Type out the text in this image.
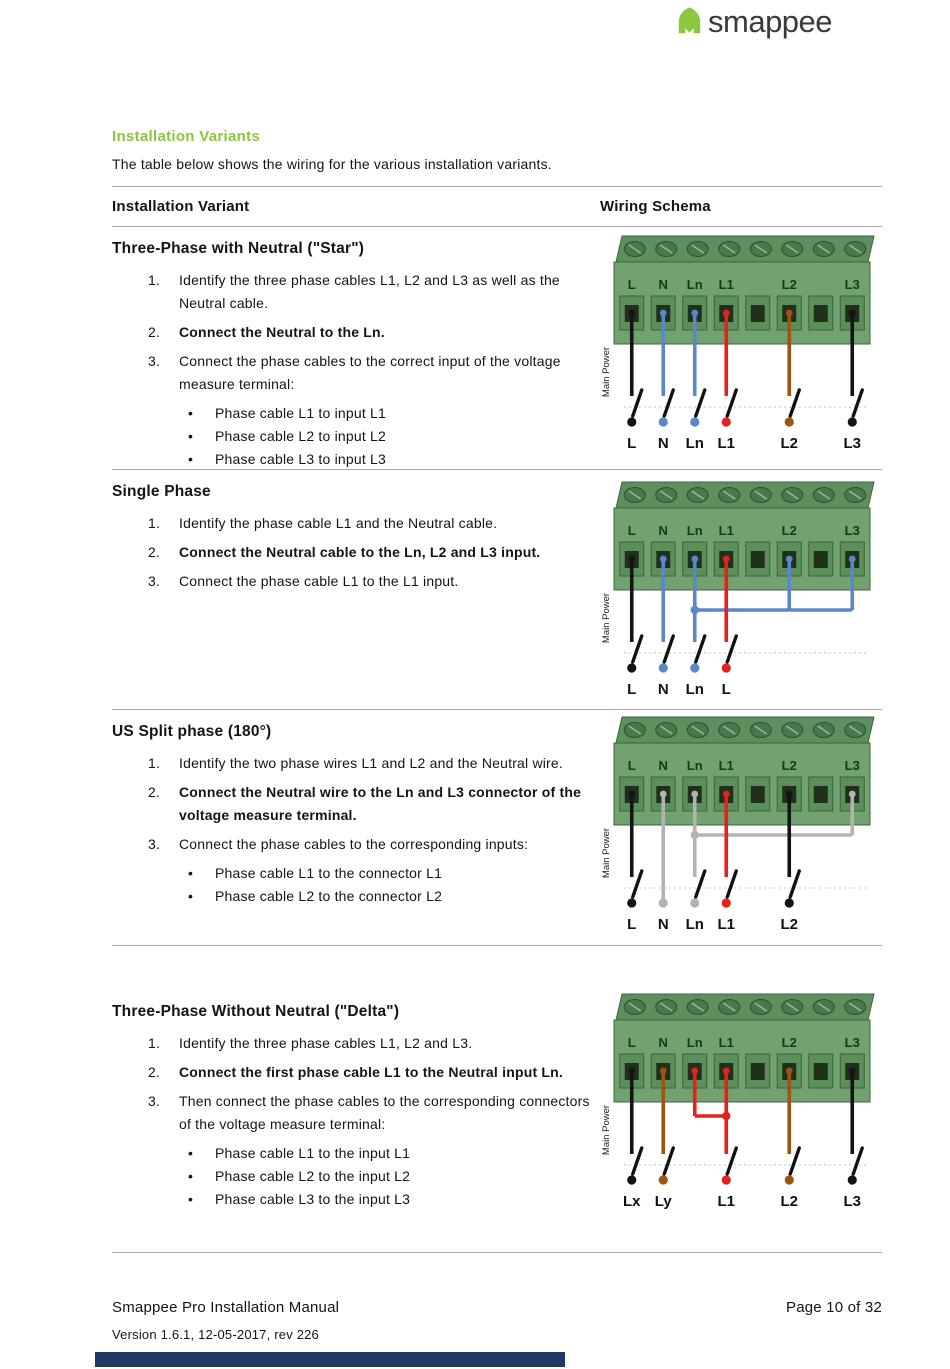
smappee
Installation Variants
The table below shows the wiring for the various installation variants.
Installation Variant	Wiring Schema
Three-Phase with Neutral ("Star")
1.	Identify the three phase cables L1, L2 and L3 as well as the Neutral cable.
2.	Connect the Neutral to the Ln.
3.	Connect the phase cables to the correct input of the voltage measure terminal:
•	Phase cable L1 to input L1
•	Phase cable L2 to input L2
•	Phase cable L3 to input L3
L N Ln L1	L2	L3
L N Ln L1	L2	L3
Main Power
Single Phase
1.	Identify the phase cable L1 and the Neutral cable.
2.	Connect the Neutral cable to the Ln, L2 and L3 input.
3.	Connect the phase cable L1 to the L1 input.
L N Ln L1	L2	L3
L N Ln L
Main Power
US Split phase (180°)
1.	Identify the two phase wires L1 and L2 and the Neutral wire.
2.	Connect the Neutral wire to the Ln and L3 connector of the voltage measure terminal.
3.	Connect the phase cables to the corresponding inputs:
•	Phase cable L1 to the connector L1
•	Phase cable L2 to the connector L2
L N Ln L1	L2	L3
L N Ln L1	L2
Main Power
Three-Phase Without Neutral ("Delta")
1.	Identify the three phase cables L1, L2 and L3.
2.	Connect the first phase cable L1 to the Neutral input Ln.
3.	Then connect the phase cables to the corresponding connectors of the voltage measure terminal:
•	Phase cable L1 to the input L1
•	Phase cable L2 to the input L2
•	Phase cable L3 to the input L3
L N Ln L1	L2	L3
Lx Ly	L1	L2	L3
Main Power
Smappee Pro Installation Manual	Page 10 of 32
Version 1.6.1, 12-05-2017, rev 226
